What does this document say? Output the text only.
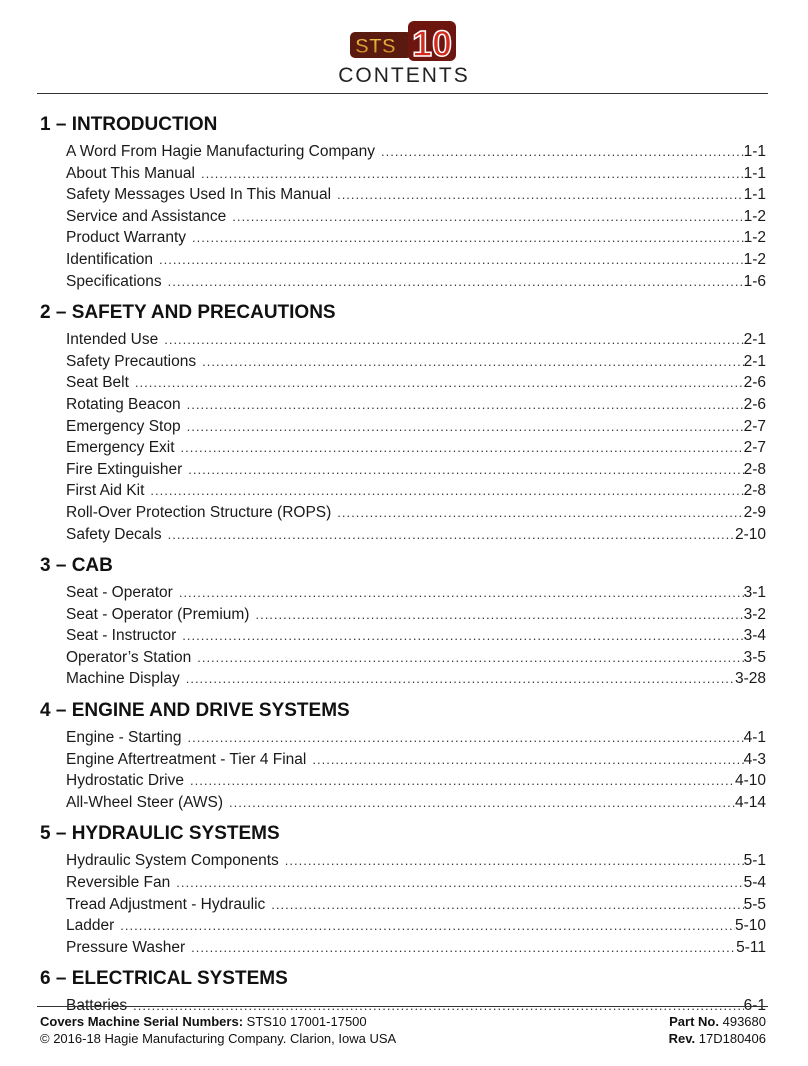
STS 10
CONTENTS
1 – INTRODUCTION
A Word From Hagie Manufacturing Company .....	1-1
About This Manual .....	1-1
Safety Messages Used In This Manual .....	1-1
Service and Assistance .....	1-2
Product Warranty .....	1-2
Identification .....	1-2
Specifications .....	1-6
2 – SAFETY AND PRECAUTIONS
Intended Use .....	2-1
Safety Precautions .....	2-1
Seat Belt .....	2-6
Rotating Beacon .....	2-6
Emergency Stop .....	2-7
Emergency Exit .....	2-7
Fire Extinguisher .....	2-8
First Aid Kit .....	2-8
Roll-Over Protection Structure (ROPS) .....	2-9
Safety Decals .....	2-10
3 – CAB
Seat - Operator .....	3-1
Seat - Operator (Premium) .....	3-2
Seat - Instructor .....	3-4
Operator’s Station .....	3-5
Machine Display .....	3-28
4 – ENGINE AND DRIVE SYSTEMS
Engine - Starting .....	4-1
Engine Aftertreatment - Tier 4 Final .....	4-3
Hydrostatic Drive .....	4-10
All-Wheel Steer (AWS) .....	4-14
5 – HYDRAULIC SYSTEMS
Hydraulic System Components .....	5-1
Reversible Fan .....	5-4
Tread Adjustment - Hydraulic .....	5-5
Ladder .....	5-10
Pressure Washer .....	5-11
6 – ELECTRICAL SYSTEMS
Batteries .....	6-1
Covers Machine Serial Numbers: STS10 17001-17500	Part No. 493680
© 2016-18 Hagie Manufacturing Company. Clarion, Iowa USA	Rev. 17D180406
